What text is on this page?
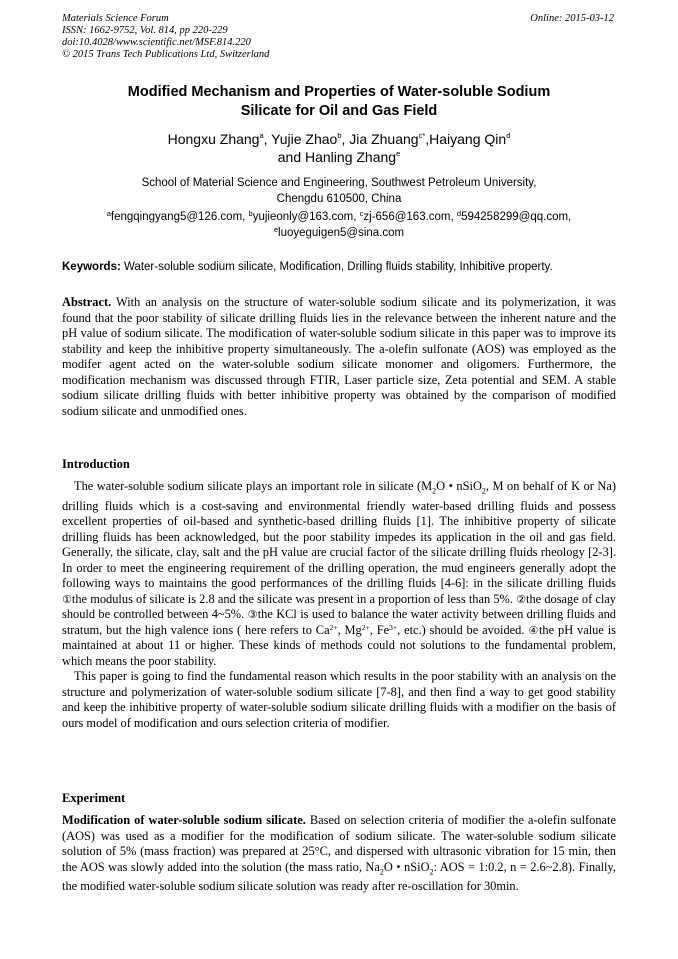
Materials Science Forum
ISSN: 1662-9752, Vol. 814, pp 220-229
doi:10.4028/www.scientific.net/MSF.814.220
© 2015 Trans Tech Publications Ltd, Switzerland
Online: 2015-03-12
Modified Mechanism and Properties of Water-soluble Sodium
Silicate for Oil and Gas Field
Hongxu Zhang$^a$, Yujie Zhao$^b$, Jia Zhuang$^{c*}$,Haiyang Qin$^d$
and Hanling Zhang$^e$
School of Material Science and Engineering, Southwest Petroleum University,
Chengdu 610500, China
$^a$fengqingyang5@126.com, $^b$yujieonly@163.com, $^c$zj-656@163.com, $^d$594258299@qq.com,
$^e$luoyeguigen5@sina.com
Keywords: Water-soluble sodium silicate, Modification, Drilling fluids stability, Inhibitive property.
Abstract. With an analysis on the structure of water-soluble sodium silicate and its polymerization, it was found that the poor stability of silicate drilling fluids lies in the relevance between the inherent nature and the pH value of sodium silicate. The modification of water-soluble sodium silicate in this paper was to improve its stability and keep the inhibitive property simultaneously. The a-olefin sulfonate (AOS) was employed as the modifer agent acted on the water-soluble sodium silicate monomer and oligomers. Furthermore, the modification mechanism was discussed through FTIR, Laser particle size, Zeta potential and SEM. A stable sodium silicate drilling fluids with better inhibitive property was obtained by the comparison of modified sodium silicate and unmodified ones.
Introduction

The water-soluble sodium silicate plays an important role in silicate ($M_2O$ • nSiO$_2$, M on behalf of K or Na) drilling fluids which is a cost-saving and environmental friendly water-based drilling fluids and possess excellent properties of oil-based and synthetic-based drilling fluids [1]. The inhibitive property of silicate drilling fluids has been acknowledged, but the poor stability impedes its application in the oil and gas field. Generally, the silicate, clay, salt and the pH value are crucial factor of the silicate drilling fluids rheology [2-3]. In order to meet the engineering requirement of the drilling operation, the mud engineers generally adopt the following ways to maintains the good performances of the drilling fluids [4-6]: in the silicate drilling fluids ①the modulus of silicate is 2.8 and the silicate was present in a proportion of less than 5%. ②the dosage of clay should be controlled between 4~5%. ③the KCl is used to balance the water activity between drilling fluids and stratum, but the high valence ions ( here refers to $Ca^{2+}$, $Mg^{2+}$, $Fe^{3+}$, etc.) should be avoided. ④the pH value is maintained at about 11 or higher. These kinds of methods could not solutions to the fundamental problem, which means the poor stability.

This paper is going to find the fundamental reason which results in the poor stability with an analysis on the structure and polymerization of water-soluble sodium silicate [7-8], and then find a way to get good stability and keep the inhibitive property of water-soluble sodium silicate drilling fluids with a modifier on the basis of ours model of modification and ours selection criteria of modifier.

Experiment

Modification of water-soluble sodium silicate. Based on selection criteria of modifier the a-olefin sulfonate (AOS) was used as a modifier for the modification of sodium silicate. The water-soluble sodium silicate solution of 5% (mass fraction) was prepared at 25°C, and dispersed with ultrasonic vibration for 15 min, then the AOS was slowly added into the solution (the mass ratio, $Na_2O$ • nSiO$_2$: AOS = 1:0.2, n = 2.6~2.8). Finally, the modified water-soluble sodium silicate solution was ready after re-oscillation for 30min.
